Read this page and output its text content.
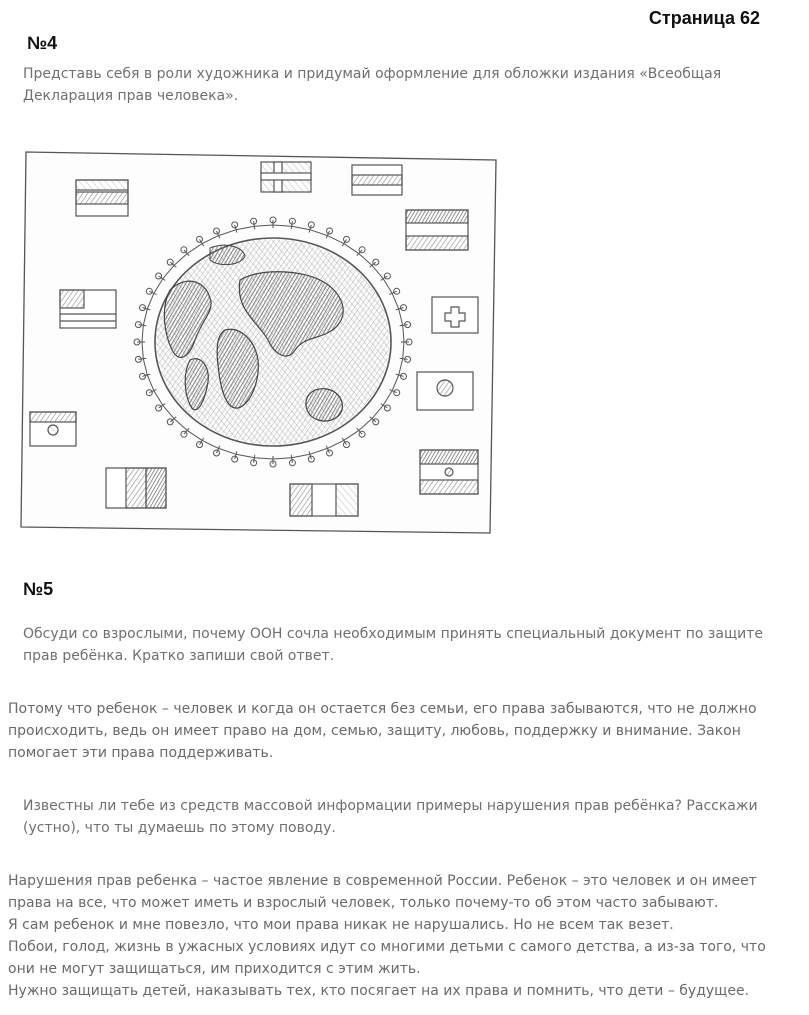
Страница 62
№4
Представь себя в роли художника и придумай оформление для обложки издания «Всеобщая
Декларация прав человека».
№5
Обсуди со взрослыми, почему ООН сочла необходимым принять специальный документ по защите
прав ребёнка. Кратко запиши свой ответ.
Потому что ребенок – человек и когда он остается без семьи, его права забываются, что не должно
происходить, ведь он имеет право на дом, семью, защиту, любовь, поддержку и внимание. Закон
помогает эти права поддерживать.
Известны ли тебе из средств массовой информации примеры нарушения прав ребёнка? Расскажи
(устно), что ты думаешь по этому поводу.
Нарушения прав ребенка – частое явление в современной России. Ребенок – это человек и он имеет
права на все, что может иметь и взрослый человек, только почему-то об этом часто забывают.
Я сам ребенок и мне повезло, что мои права никак не нарушались. Но не всем так везет.
Побои, голод, жизнь в ужасных условиях идут со многими детьми с самого детства, а из-за того, что
они не могут защищаться, им приходится с этим жить.
Нужно защищать детей, наказывать тех, кто посягает на их права и помнить, что дети – будущее.
